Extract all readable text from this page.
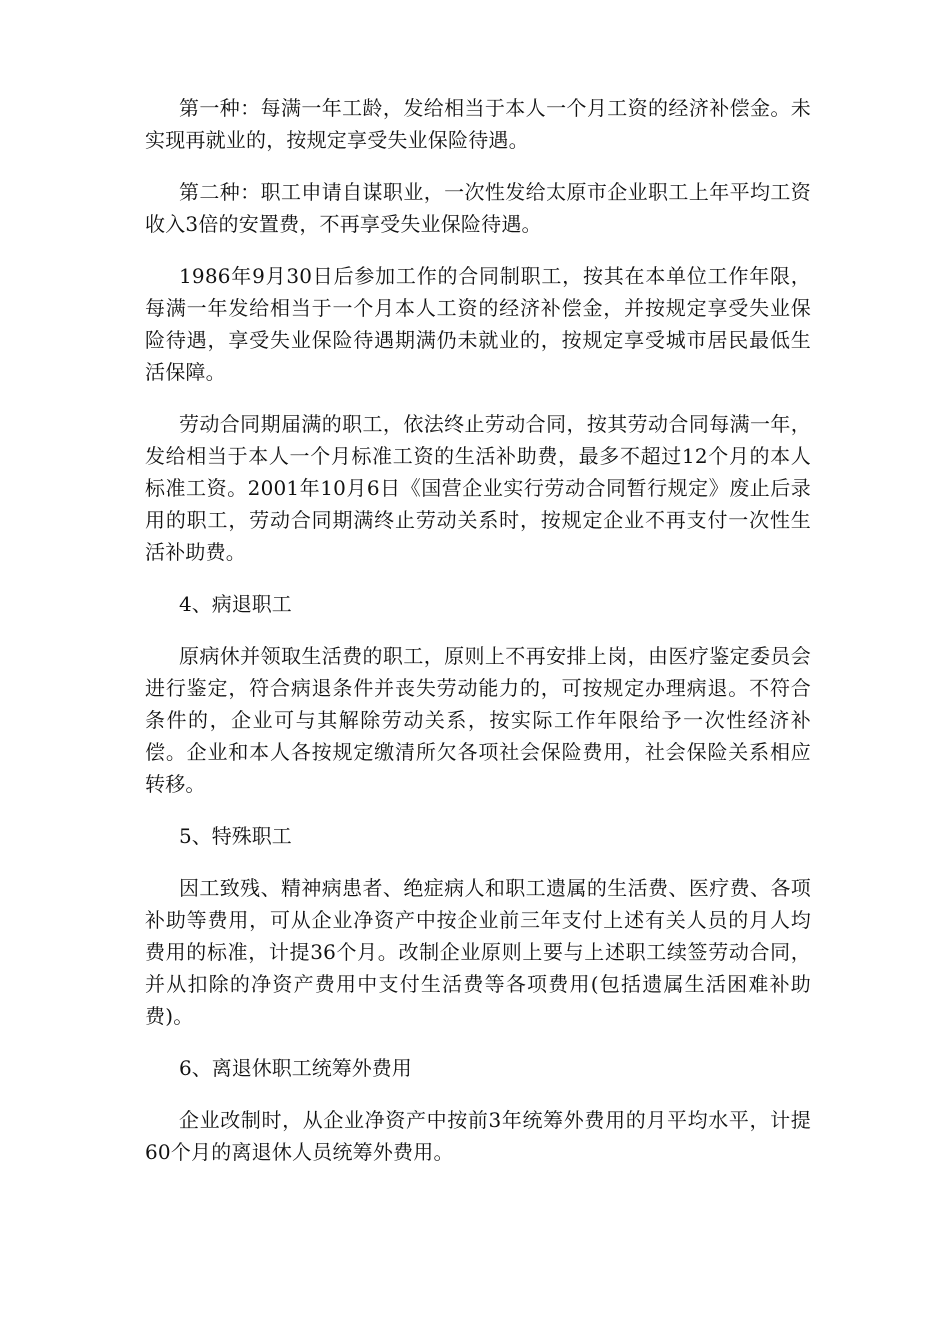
第一种：每满一年工龄，发给相当于本人一个月工资的经济补偿金。未实现再就业的，按规定享受失业保险待遇。

第二种：职工申请自谋职业，一次性发给太原市企业职工上年平均工资收入3倍的安置费，不再享受失业保险待遇。

1986年9月30日后参加工作的合同制职工，按其在本单位工作年限，每满一年发给相当于一个月本人工资的经济补偿金，并按规定享受失业保险待遇，享受失业保险待遇期满仍未就业的，按规定享受城市居民最低生活保障。

劳动合同期届满的职工，依法终止劳动合同，按其劳动合同每满一年，发给相当于本人一个月标准工资的生活补助费，最多不超过12个月的本人标准工资。2001年10月6日《国营企业实行劳动合同暂行规定》废止后录用的职工，劳动合同期满终止劳动关系时，按规定企业不再支付一次性生活补助费。

4、病退职工

原病休并领取生活费的职工，原则上不再安排上岗，由医疗鉴定委员会进行鉴定，符合病退条件并丧失劳动能力的，可按规定办理病退。不符合条件的，企业可与其解除劳动关系，按实际工作年限给予一次性经济补偿。企业和本人各按规定缴清所欠各项社会保险费用，社会保险关系相应转移。

5、特殊职工

因工致残、精神病患者、绝症病人和职工遗属的生活费、医疗费、各项补助等费用，可从企业净资产中按企业前三年支付上述有关人员的月人均费用的标准，计提36个月。改制企业原则上要与上述职工续签劳动合同，并从扣除的净资产费用中支付生活费等各项费用(包括遗属生活困难补助费)。

6、离退休职工统筹外费用

企业改制时，从企业净资产中按前3年统筹外费用的月平均水平，计提60个月的离退休人员统筹外费用。
